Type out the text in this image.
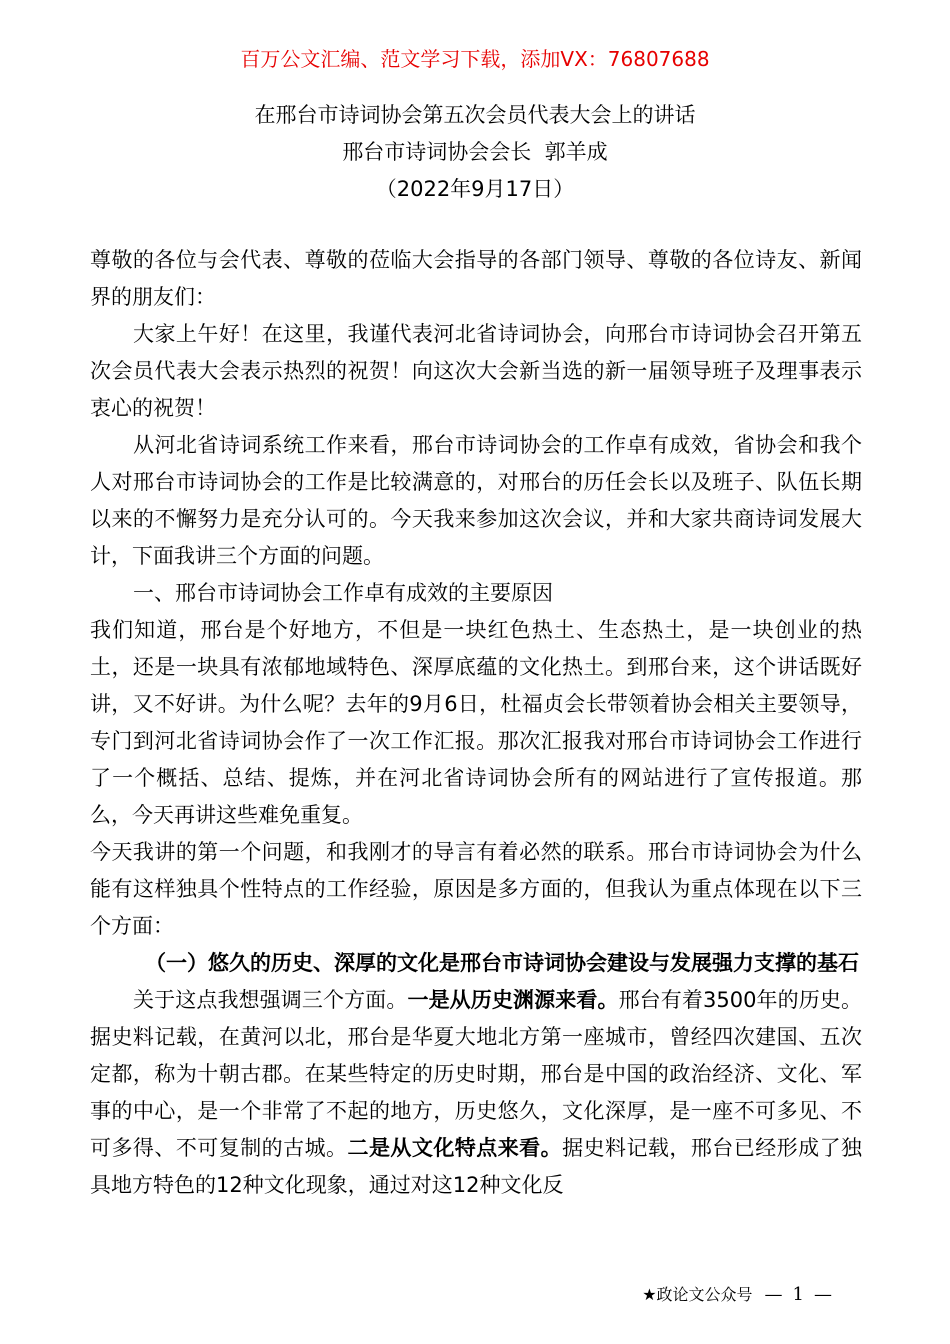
百万公文汇编、范文学习下载，添加VX：76807688

在邢台市诗词协会第五次会员代表大会上的讲话

邢台市诗词协会会长  郭羊成

（2022年9月17日）

尊敬的各位与会代表、尊敬的莅临大会指导的各部门领导、尊敬的各位诗友、新闻界的朋友们：

大家上午好！在这里，我谨代表河北省诗词协会，向邢台市诗词协会召开第五次会员代表大会表示热烈的祝贺！向这次大会新当选的新一届领导班子及理事表示衷心的祝贺！

从河北省诗词系统工作来看，邢台市诗词协会的工作卓有成效，省协会和我个人对邢台市诗词协会的工作是比较满意的，对邢台的历任会长以及班子、队伍长期以来的不懈努力是充分认可的。今天我来参加这次会议，并和大家共商诗词发展大计，下面我讲三个方面的问题。

一、邢台市诗词协会工作卓有成效的主要原因

我们知道，邢台是个好地方，不但是一块红色热土、生态热土，是一块创业的热土，还是一块具有浓郁地域特色、深厚底蕴的文化热土。到邢台来，这个讲话既好讲，又不好讲。为什么呢？去年的9月6日，杜福贞会长带领着协会相关主要领导，专门到河北省诗词协会作了一次工作汇报。那次汇报我对邢台市诗词协会工作进行了一个概括、总结、提炼，并在河北省诗词协会所有的网站进行了宣传报道。那么，今天再讲这些难免重复。

今天我讲的第一个问题，和我刚才的导言有着必然的联系。邢台市诗词协会为什么能有这样独具个性特点的工作经验，原因是多方面的，但我认为重点体现在以下三个方面：

（一）悠久的历史、深厚的文化是邢台市诗词协会建设与发展强力支撑的基石

关于这点我想强调三个方面。一是从历史渊源来看。邢台有着3500年的历史。据史料记载，在黄河以北，邢台是华夏大地北方第一座城市，曾经四次建国、五次定都，称为十朝古郡。在某些特定的历史时期，邢台是中国的政治经济、文化、军事的中心，是一个非常了不起的地方，历史悠久，文化深厚，是一座不可多见、不可多得、不可复制的古城。二是从文化特点来看。据史料记载，邢台已经形成了独具地方特色的12种文化现象，通过对这12种文化反

★政论文公众号 — 1 —
